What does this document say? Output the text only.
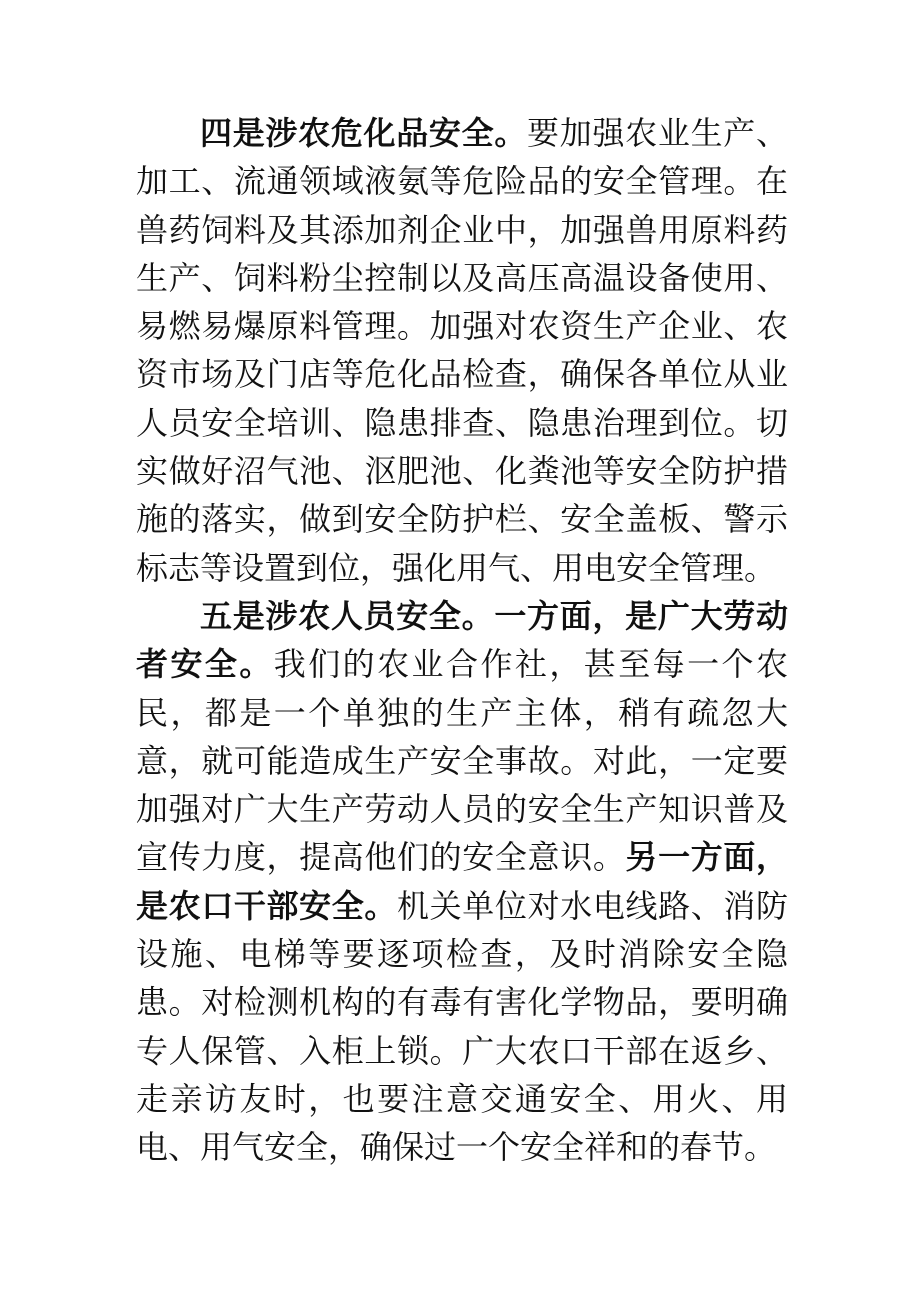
四是涉农危化品安全。要加强农业生产、加工、流通领域液氨等危险品的安全管理。在兽药饲料及其添加剂企业中，加强兽用原料药生产、饲料粉尘控制以及高压高温设备使用、易燃易爆原料管理。加强对农资生产企业、农资市场及门店等危化品检查，确保各单位从业人员安全培训、隐患排查、隐患治理到位。切实做好沼气池、沤肥池、化粪池等安全防护措施的落实，做到安全防护栏、安全盖板、警示标志等设置到位，强化用气、用电安全管理。

五是涉农人员安全。一方面，是广大劳动者安全。我们的农业合作社，甚至每一个农民，都是一个单独的生产主体，稍有疏忽大意，就可能造成生产安全事故。对此，一定要加强对广大生产劳动人员的安全生产知识普及宣传力度，提高他们的安全意识。另一方面，是农口干部安全。机关单位对水电线路、消防设施、电梯等要逐项检查，及时消除安全隐患。对检测机构的有毒有害化学物品，要明确专人保管、入柜上锁。广大农口干部在返乡、走亲访友时，也要注意交通安全、用火、用电、用气安全，确保过一个安全祥和的春节。
